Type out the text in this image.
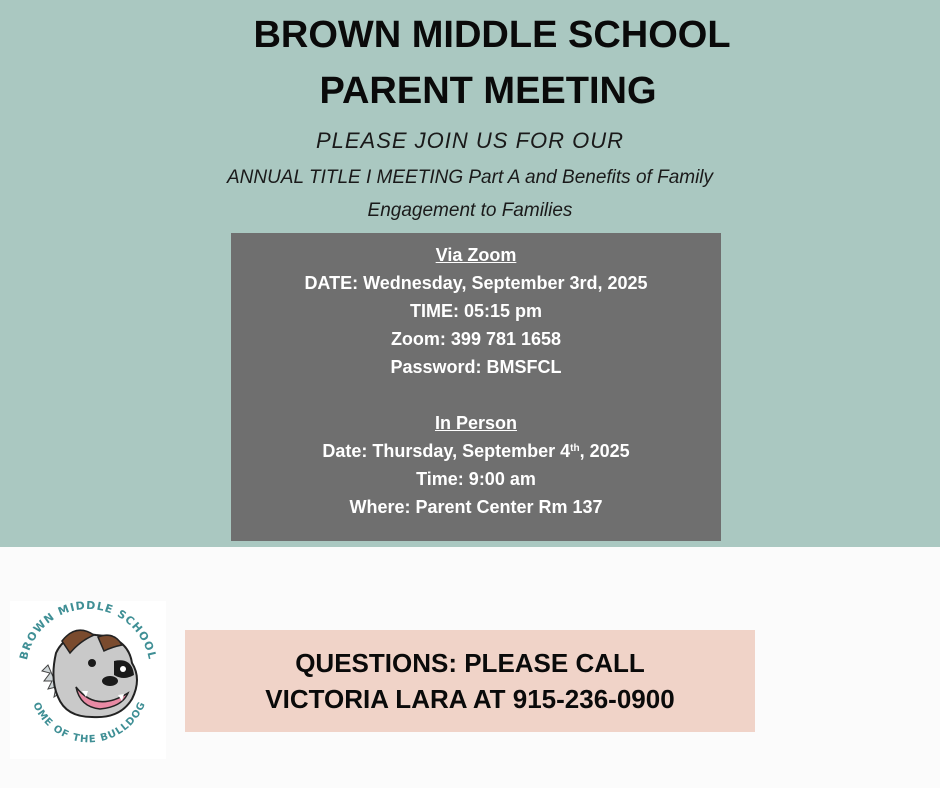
BROWN MIDDLE SCHOOL
PARENT MEETING
PLEASE JOIN US FOR OUR
ANNUAL TITLE I MEETING Part A and Benefits of Family
Engagement to Families
Via Zoom
DATE: Wednesday, September 3rd, 2025
TIME: 05:15 pm
Zoom: 399 781 1658
Password: BMSFCL
In Person
Date: Thursday, September 4th, 2025
Time: 9:00 am
Where: Parent Center Rm 137
BROWN MIDDLE SCHOOL
OME OF THE BULLDOG
QUESTIONS: PLEASE CALL
VICTORIA LARA AT 915-236-0900
